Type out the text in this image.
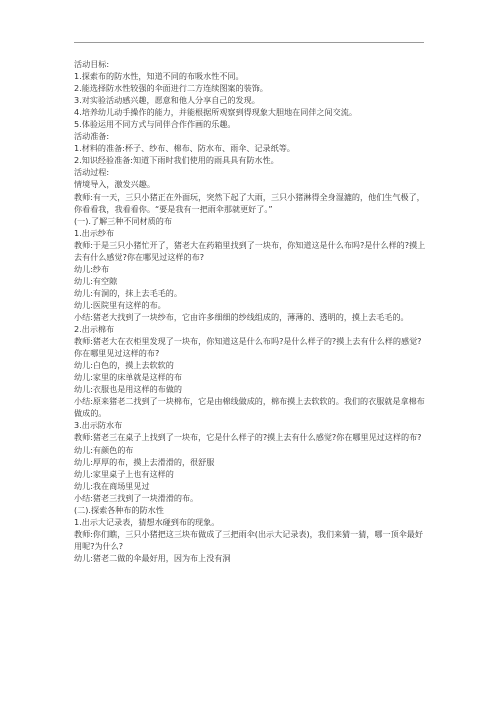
活动目标:

1.探索布的防水性，知道不同的布吸水性不同。

2.能选择防水性较强的伞面进行二方连续图案的装饰。

3.对实验活动感兴趣，愿意和他人分享自己的发现。

4.培养幼儿动手操作的能力，并能根据所观察到得现象大胆地在同伴之间交流。

5.体验运用不同方式与同伴合作作画的乐趣。

活动准备:

1.材料的准备:杯子、纱布、棉布、防水布、雨伞、记录纸等。

2.知识经验准备:知道下雨时我们使用的雨具具有防水性。

活动过程:

情境导入，激发兴趣。

教师:有一天，三只小猪正在外面玩，突然下起了大雨，三只小猪淋得全身湿漉的，他们生气极了，你看看我，我看看你。“要是我有一把雨伞那就更好了。”

(一).了解三种不同材质的布

1.出示纱布

教师:于是三只小猪忙开了，猪老大在药箱里找到了一块布，你知道这是什么布吗?是什么样的?摸上去有什么感觉?你在哪见过这样的布?

幼儿:纱布

幼儿:有空隙

幼儿:有洞的，抹上去毛毛的。

幼儿:医院里有这样的布。

小结:猪老大找到了一块纱布，它由许多细细的纱线组成的，薄薄的、透明的，摸上去毛毛的。

2.出示棉布

教师:猪老大在衣柜里发现了一块布，你知道这是什么布吗?是什么样子的?摸上去有什么样的感觉?你在哪里见过这样的布?

幼儿:白色的，摸上去软软的

幼儿:家里的床单就是这样的布

幼儿:衣服也是用这样的布做的

小结:原来猪老二找到了一块棉布，它是由棉线做成的，棉布摸上去软软的。我们的衣服就是拿棉布做成的。

3.出示防水布

教师:猪老三在桌子上找到了一块布，它是什么样子的?摸上去有什么感觉?你在哪里见过这样的布?

幼儿:有颜色的布

幼儿:厚厚的布，摸上去滑滑的，很舒服

幼儿:家里桌子上也有这样的

幼儿:我在商场里见过

小结:猪老三找到了一块滑滑的布。

(二).探索各种布的防水性

1.出示大记录表，猜想水碰到布的现象。

教师:你们瞧，三只小猪把这三块布做成了三把雨伞(出示大记录表)，我们来猜一猜，哪一顶伞最好用呢?为什么?

幼儿:猪老二做的伞最好用，因为布上没有洞
